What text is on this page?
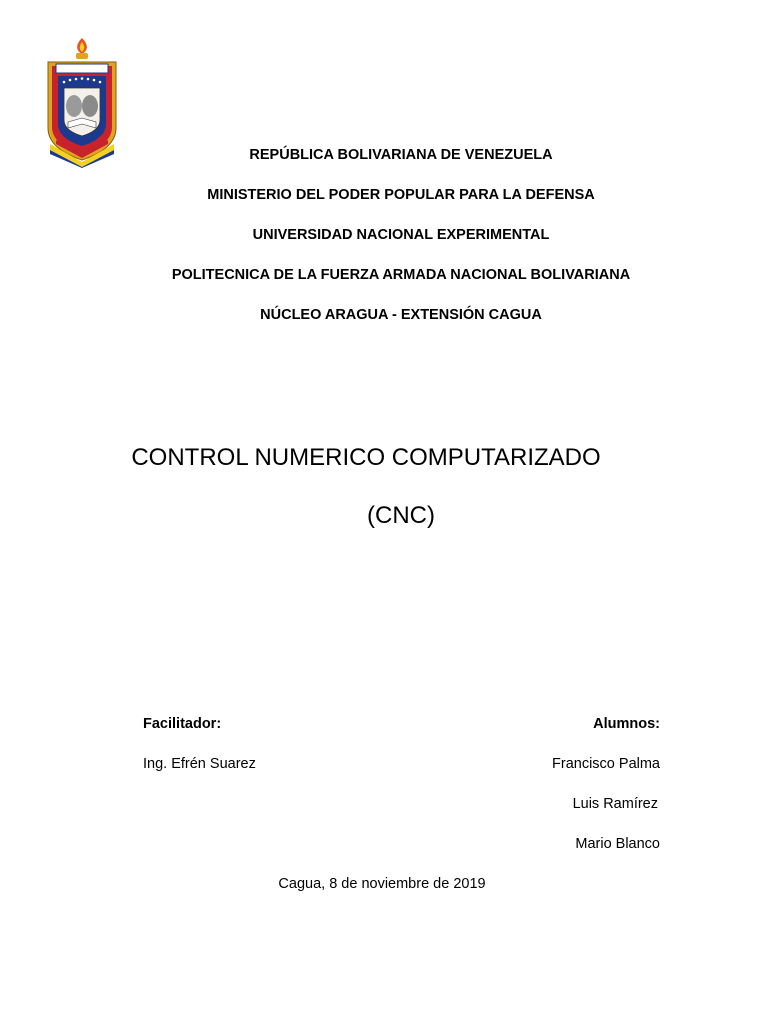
REPÚBLICA BOLIVARIANA DE VENEZUELA
MINISTERIO DEL PODER POPULAR PARA LA DEFENSA
UNIVERSIDAD NACIONAL EXPERIMENTAL
POLITECNICA DE LA FUERZA ARMADA NACIONAL BOLIVARIANA
NÚCLEO ARAGUA - EXTENSIÓN CAGUA
CONTROL NUMERICO COMPUTARIZADO
(CNC)
Facilitador:
Ing. Efrén Suarez
Alumnos:
Francisco Palma
Luis Ramírez
Mario Blanco
Cagua, 8 de noviembre de 2019
